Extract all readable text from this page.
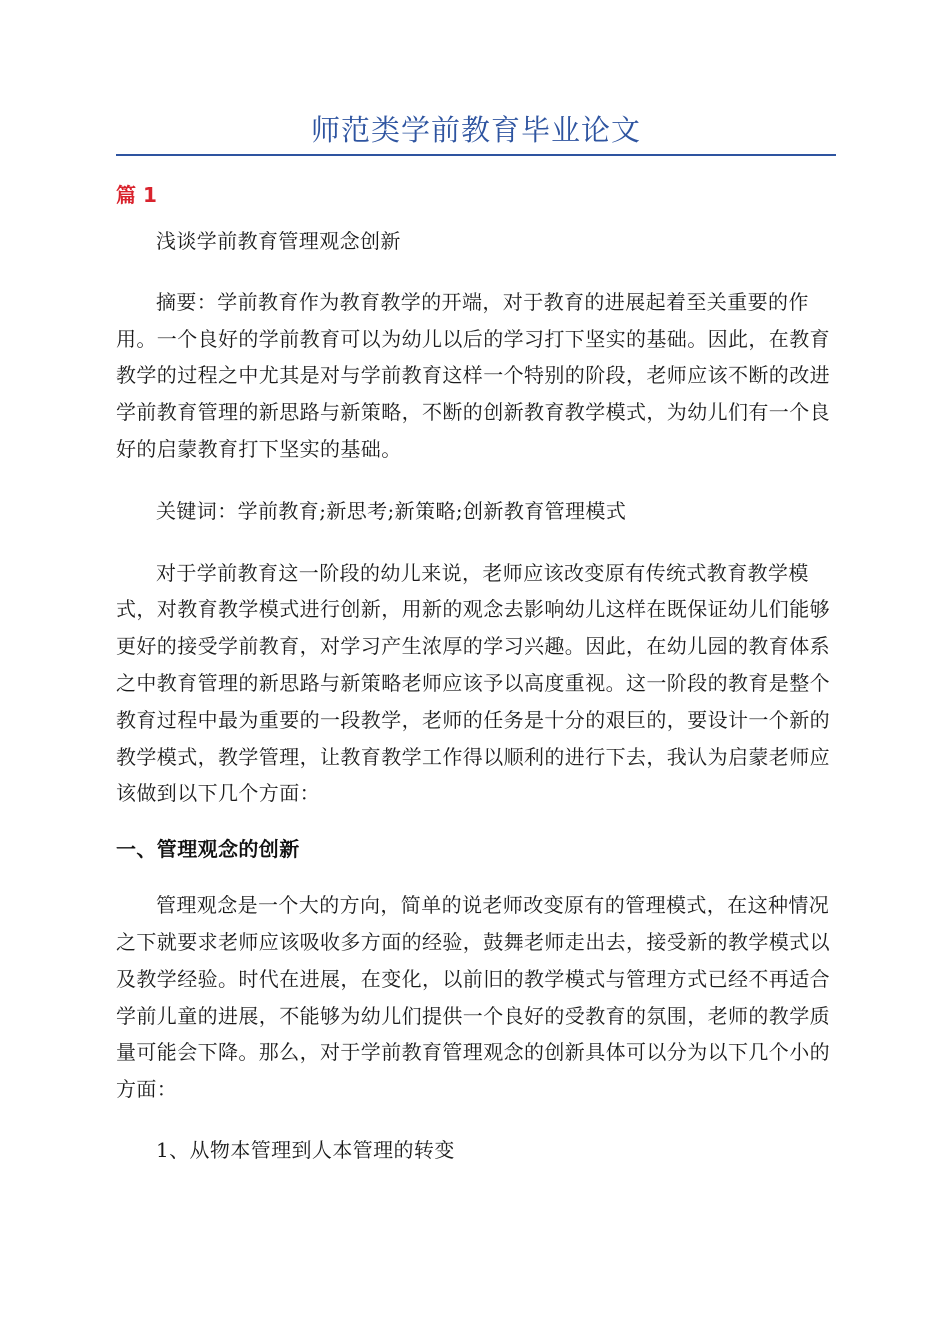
师范类学前教育毕业论文
篇 1

浅谈学前教育管理观念创新

摘要：学前教育作为教育教学的开端，对于教育的进展起着至关重要的作用。一个良好的学前教育可以为幼儿以后的学习打下坚实的基础。因此，在教育教学的过程之中尤其是对与学前教育这样一个特别的阶段，老师应该不断的改进学前教育管理的新思路与新策略，不断的创新教育教学模式，为幼儿们有一个良好的启蒙教育打下坚实的基础。

关键词：学前教育;新思考;新策略;创新教育管理模式

对于学前教育这一阶段的幼儿来说，老师应该改变原有传统式教育教学模式，对教育教学模式进行创新，用新的观念去影响幼儿这样在既保证幼儿们能够更好的接受学前教育，对学习产生浓厚的学习兴趣。因此，在幼儿园的教育体系之中教育管理的新思路与新策略老师应该予以高度重视。这一阶段的教育是整个教育过程中最为重要的一段教学，老师的任务是十分的艰巨的，要设计一个新的教学模式，教学管理，让教育教学工作得以顺利的进行下去，我认为启蒙老师应该做到以下几个方面：

一、管理观念的创新

管理观念是一个大的方向，简单的说老师改变原有的管理模式，在这种情况之下就要求老师应该吸收多方面的经验，鼓舞老师走出去，接受新的教学模式以及教学经验。时代在进展，在变化，以前旧的教学模式与管理方式已经不再适合学前儿童的进展，不能够为幼儿们提供一个良好的受教育的氛围，老师的教学质量可能会下降。那么，对于学前教育管理观念的创新具体可以分为以下几个小的方面：

1、从物本管理到人本管理的转变
